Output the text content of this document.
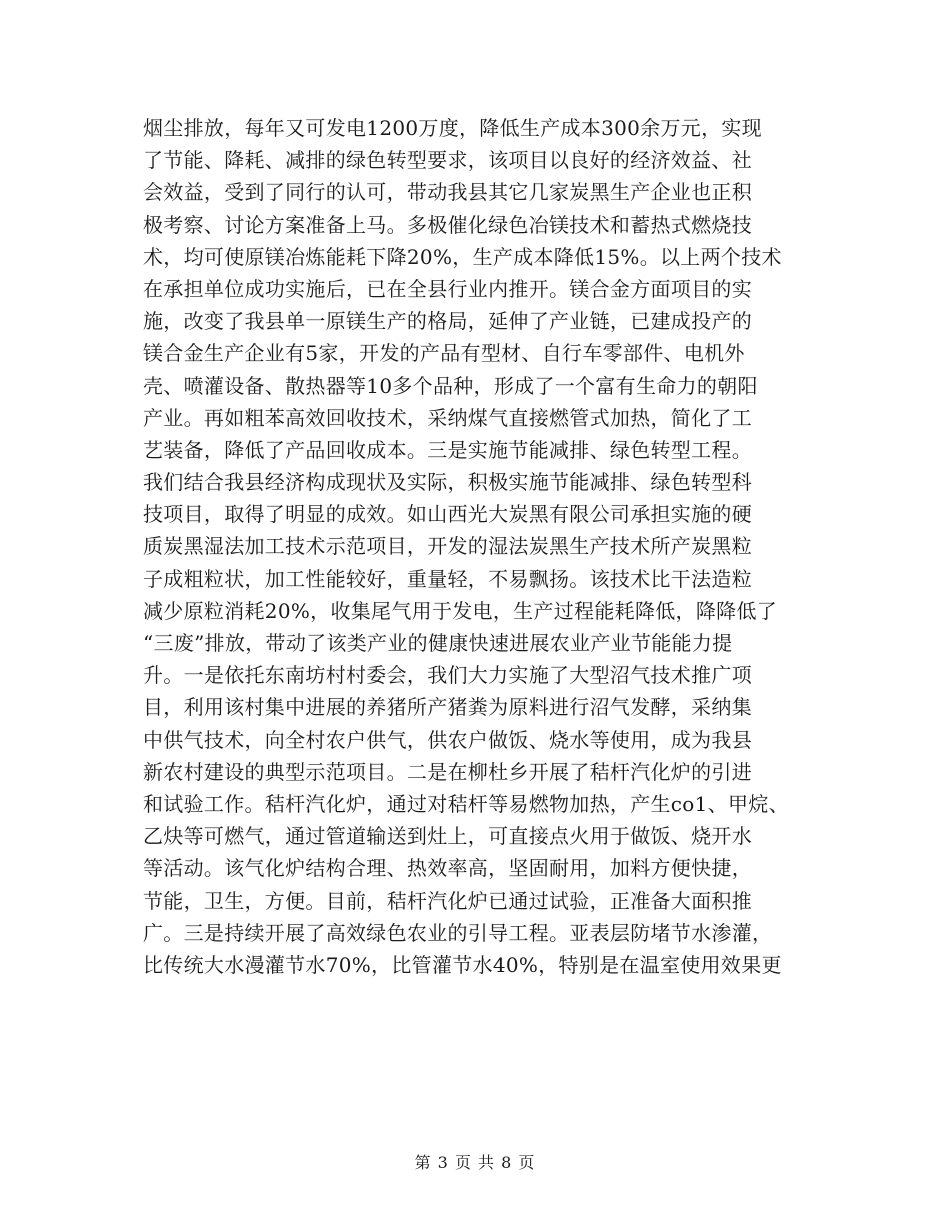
烟尘排放，每年又可发电1200万度，降低生产成本300余万元，实现
了节能、降耗、减排的绿色转型要求，该项目以良好的经济效益、社
会效益，受到了同行的认可，带动我县其它几家炭黑生产企业也正积
极考察、讨论方案准备上马。多极催化绿色冶镁技术和蓄热式燃烧技
术，均可使原镁冶炼能耗下降20%，生产成本降低15%。以上两个技术
在承担单位成功实施后，已在全县行业内推开。镁合金方面项目的实
施，改变了我县单一原镁生产的格局，延伸了产业链，已建成投产的
镁合金生产企业有5家，开发的产品有型材、自行车零部件、电机外
壳、喷灌设备、散热器等10多个品种，形成了一个富有生命力的朝阳
产业。再如粗苯高效回收技术，采纳煤气直接燃管式加热，简化了工
艺装备，降低了产品回收成本。三是实施节能减排、绿色转型工程。
我们结合我县经济构成现状及实际，积极实施节能减排、绿色转型科
技项目，取得了明显的成效。如山西光大炭黑有限公司承担实施的硬
质炭黑湿法加工技术示范项目，开发的湿法炭黑生产技术所产炭黑粒
子成粗粒状，加工性能较好，重量轻，不易飘扬。该技术比干法造粒
减少原粒消耗20%，收集尾气用于发电，生产过程能耗降低，降降低了
“三废”排放，带动了该类产业的健康快速进展农业产业节能能力提
升。一是依托东南坊村村委会，我们大力实施了大型沼气技术推广项
目，利用该村集中进展的养猪所产猪粪为原料进行沼气发酵，采纳集
中供气技术，向全村农户供气，供农户做饭、烧水等使用，成为我县
新农村建设的典型示范项目。二是在柳杜乡开展了秸杆汽化炉的引进
和试验工作。秸杆汽化炉，通过对秸杆等易燃物加热，产生co1、甲烷、
乙炔等可燃气，通过管道输送到灶上，可直接点火用于做饭、烧开水
等活动。该气化炉结构合理、热效率高，坚固耐用，加料方便快捷，
节能，卫生，方便。目前，秸杆汽化炉已通过试验，正准备大面积推
广。三是持续开展了高效绿色农业的引导工程。亚表层防堵节水渗灌，
比传统大水漫灌节水70%，比管灌节水40%，特别是在温室使用效果更
第 3 页 共 8 页
